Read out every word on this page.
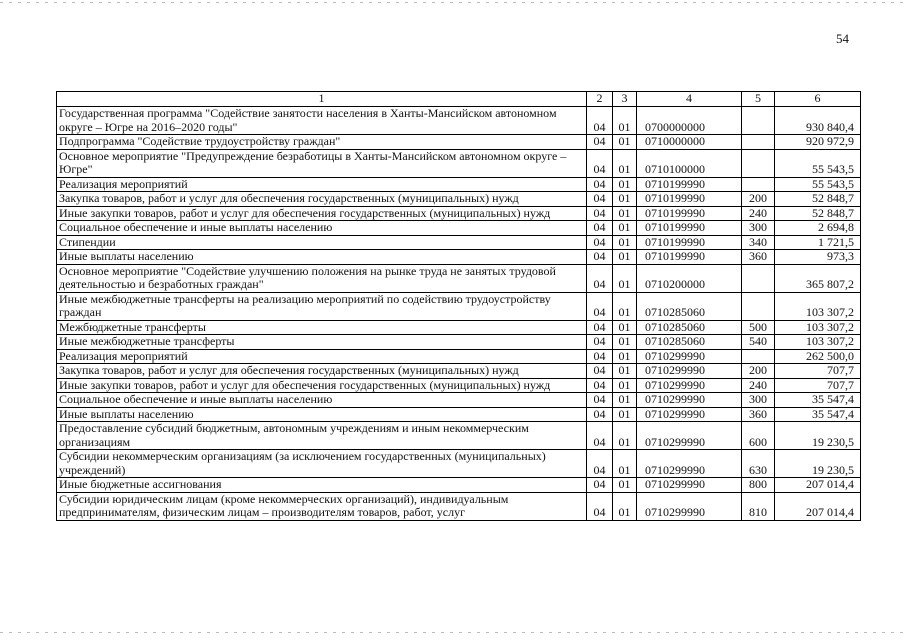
54
1	2	3	4	5	6
Государственная программа "Содействие занятости населения в Ханты-Мансийском автономном округе – Югре на 2016–2020 годы"	04	01	0700000000		930 840,4
Подпрограмма "Содействие трудоустройству граждан"	04	01	0710000000		920 972,9
Основное мероприятие "Предупреждение безработицы в Ханты-Мансийском автономном округе – Югре"	04	01	0710100000		55 543,5
Реализация мероприятий	04	01	0710199990		55 543,5
Закупка товаров, работ и услуг для обеспечения государственных (муниципальных) нужд	04	01	0710199990	200	52 848,7
Иные закупки товаров, работ и услуг для обеспечения государственных (муниципальных) нужд	04	01	0710199990	240	52 848,7
Социальное обеспечение и иные выплаты населению	04	01	0710199990	300	2 694,8
Стипендии	04	01	0710199990	340	1 721,5
Иные выплаты населению	04	01	0710199990	360	973,3
Основное мероприятие "Содействие улучшению положения на рынке труда не занятых трудовой деятельностью и безработных граждан"	04	01	0710200000		365 807,2
Иные межбюджетные трансферты на реализацию мероприятий по содействию трудоустройству граждан	04	01	0710285060		103 307,2
Межбюджетные трансферты	04	01	0710285060	500	103 307,2
Иные межбюджетные трансферты	04	01	0710285060	540	103 307,2
Реализация мероприятий	04	01	0710299990		262 500,0
Закупка товаров, работ и услуг для обеспечения государственных (муниципальных) нужд	04	01	0710299990	200	707,7
Иные закупки товаров, работ и услуг для обеспечения государственных (муниципальных) нужд	04	01	0710299990	240	707,7
Социальное обеспечение и иные выплаты населению	04	01	0710299990	300	35 547,4
Иные выплаты населению	04	01	0710299990	360	35 547,4
Предоставление субсидий бюджетным, автономным учреждениям и иным некоммерческим организациям	04	01	0710299990	600	19 230,5
Субсидии некоммерческим организациям (за исключением государственных (муниципальных) учреждений)	04	01	0710299990	630	19 230,5
Иные бюджетные ассигнования	04	01	0710299990	800	207 014,4
Субсидии юридическим лицам (кроме некоммерческих организаций), индивидуальным предпринимателям, физическим лицам – производителям товаров, работ, услуг	04	01	0710299990	810	207 014,4
